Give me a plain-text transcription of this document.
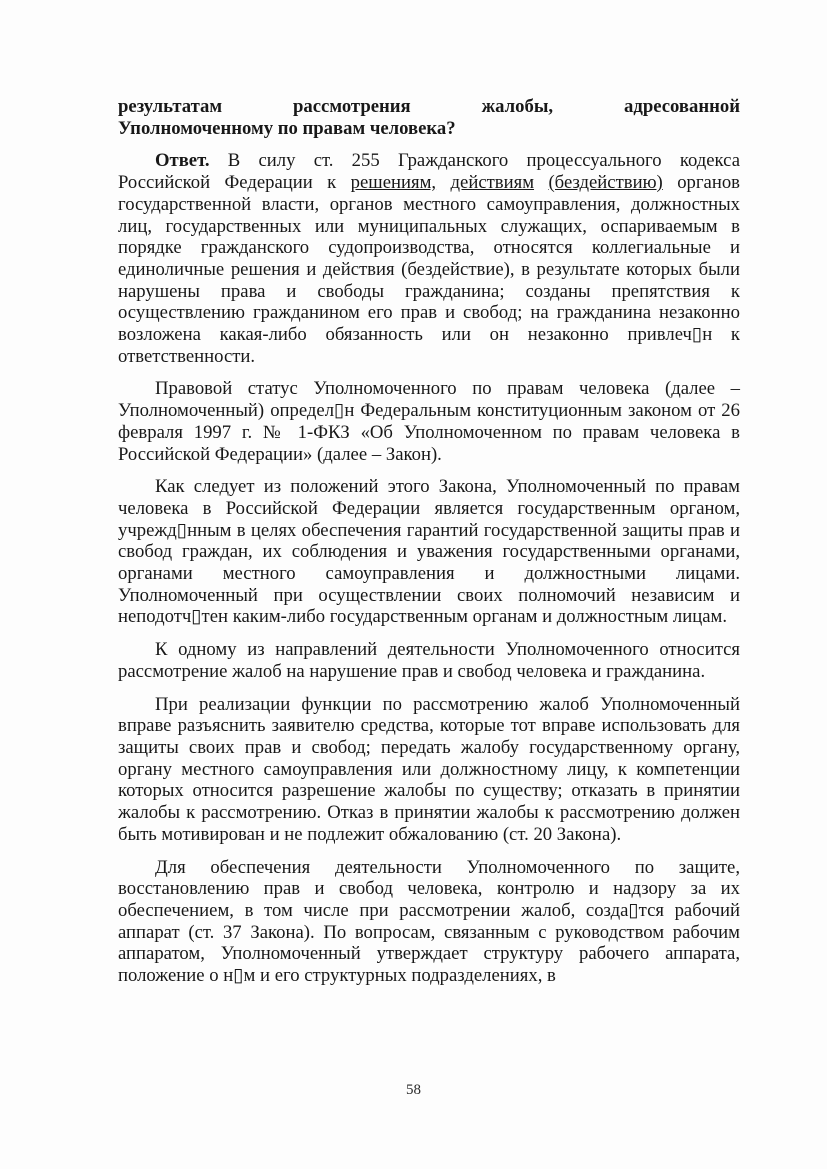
результатам рассмотрения жалобы, адресованной
Уполномоченному по правам человека?

Ответ. В силу ст. 255 Гражданского процессуального кодекса Российской Федерации к решениям, действиям (бездействию) органов государственной власти, органов местного самоуправления, должностных лиц, государственных или муниципальных служащих, оспариваемым в порядке гражданского судопроизводства, относятся коллегиальные и единоличные решения и действия (бездействие), в результате которых были нарушены права и свободы гражданина; созданы препятствия к осуществлению гражданином его прав и свобод; на гражданина незаконно возложена какая-либо обязанность или он незаконно привлеч▯н к ответственности.

Правовой статус Уполномоченного по правам человека (далее – Уполномоченный) определ▯н Федеральным конституционным законом от 26 февраля 1997 г. № 1-ФКЗ «Об Уполномоченном по правам человека в Российской Федерации» (далее – Закон).

Как следует из положений этого Закона, Уполномоченный по правам человека в Российской Федерации является государственным органом, учрежд▯нным в целях обеспечения гарантий государственной защиты прав и свобод граждан, их соблюдения и уважения государственными органами, органами местного самоуправления и должностными лицами. Уполномоченный при осуществлении своих полномочий независим и неподотч▯тен каким-либо государственным органам и должностным лицам.

К одному из направлений деятельности Уполномоченного относится рассмотрение жалоб на нарушение прав и свобод человека и гражданина.

При реализации функции по рассмотрению жалоб Уполномоченный вправе разъяснить заявителю средства, которые тот вправе использовать для защиты своих прав и свобод; передать жалобу государственному органу, органу местного самоуправления или должностному лицу, к компетенции которых относится разрешение жалобы по существу; отказать в принятии жалобы к рассмотрению. Отказ в принятии жалобы к рассмотрению должен быть мотивирован и не подлежит обжалованию (ст. 20 Закона).

Для обеспечения деятельности Уполномоченного по защите, восстановлению прав и свобод человека, контролю и надзору за их обеспечением, в том числе при рассмотрении жалоб, созда▯тся рабочий аппарат (ст. 37 Закона). По вопросам, связанным с руководством рабочим аппаратом, Уполномоченный утверждает структуру рабочего аппарата, положение о н▯м и его структурных подразделениях, в

58
